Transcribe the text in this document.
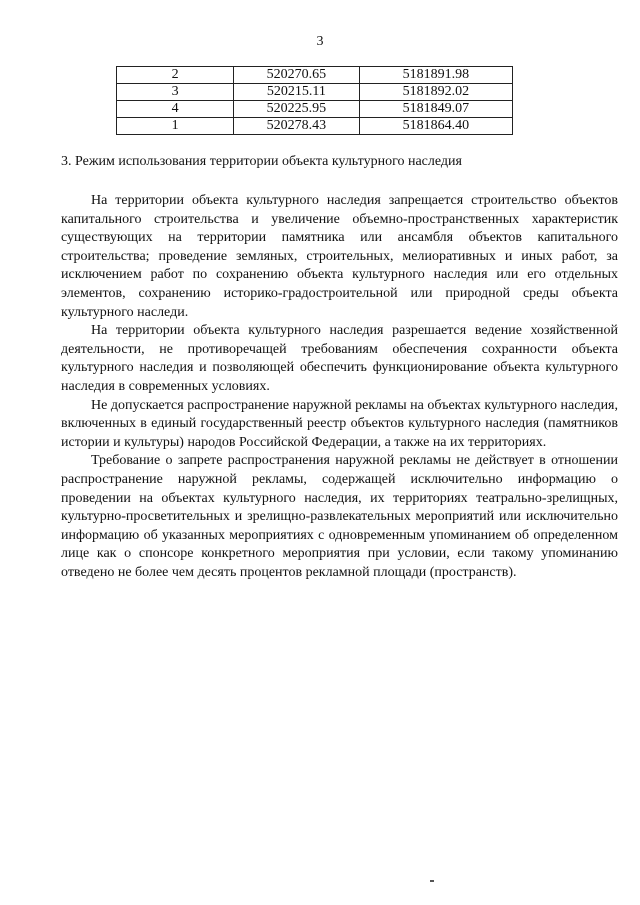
3
2	520270.65	5181891.98
3	520215.11	5181892.02
4	520225.95	5181849.07
1	520278.43	5181864.40
3. Режим использования территории объекта культурного наследия

На территории объекта культурного наследия запрещается строительство объектов капитального строительства и увеличение объемно-пространственных характеристик существующих на территории памятника или ансамбля объектов капитального строительства; проведение земляных, строительных, мелиоративных и иных работ, за исключением работ по сохранению объекта культурного наследия или его отдельных элементов, сохранению историко-градостроительной или природной среды объекта культурного наследи.

На территории объекта культурного наследия разрешается ведение хозяйственной деятельности, не противоречащей требованиям обеспечения сохранности объекта культурного наследия и позволяющей обеспечить функционирование объекта культурного наследия в современных условиях.

Не допускается распространение наружной рекламы на объектах культурного наследия, включенных в единый государственный реестр объектов культурного наследия (памятников истории и культуры) народов Российской Федерации, а также на их территориях.

Требование о запрете распространения наружной рекламы не действует в отношении распространение наружной рекламы, содержащей исключительно информацию о проведении на объектах культурного наследия, их территориях театрально-зрелищных, культурно-просветительных и зрелищно-развлекательных мероприятий или исключительно информацию об указанных мероприятиях с одновременным упоминанием об определенном лице как о спонсоре конкретного мероприятия при условии, если такому упоминанию отведено не более чем десять процентов рекламной площади (пространств).
